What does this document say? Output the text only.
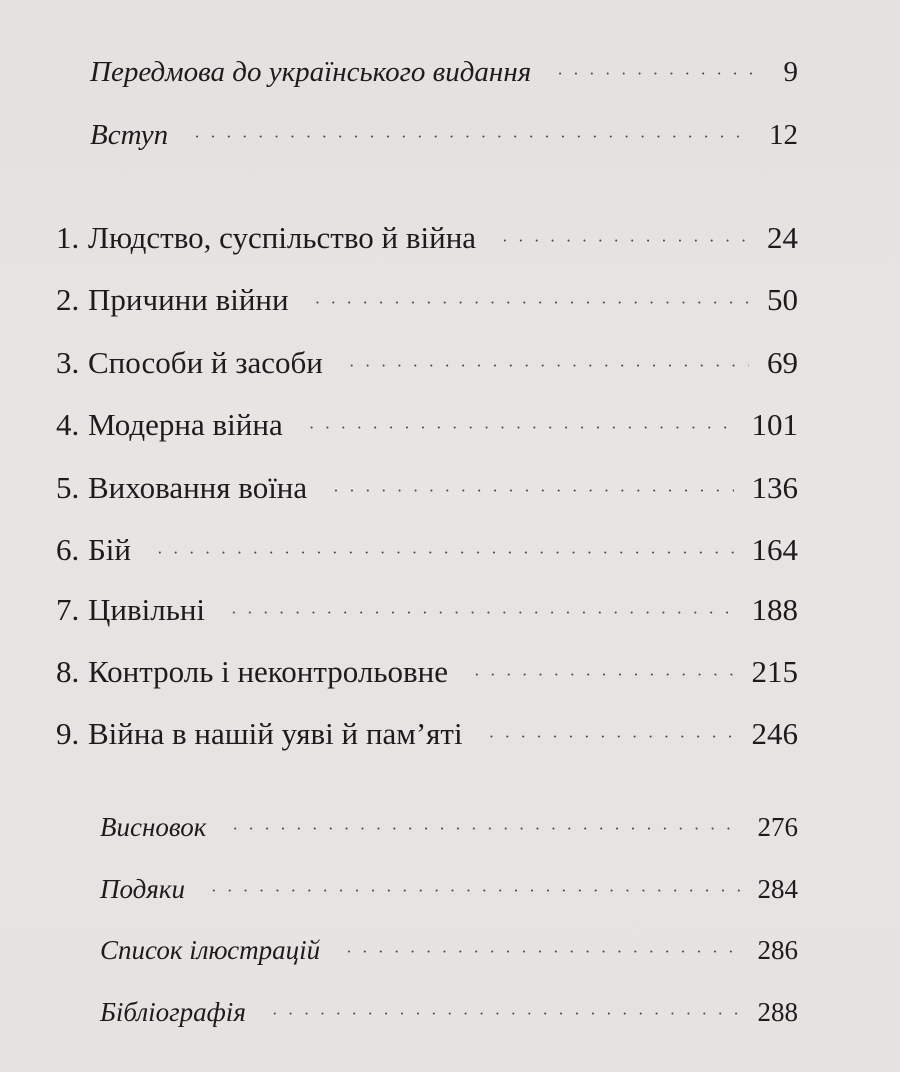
Передмова до українського видання · · ·	9
Вступ · · ·	12
1. Людство, суспільство й війна · · ·	24
2. Причини війни · · ·	50
3. Способи й засоби · · ·	69
4. Модерна війна · · ·	101
5. Виховання воїна · · ·	136
6. Бій · · ·	164
7. Цивільні · · ·	188
8. Контроль і неконтрольовне · · ·	215
9. Війна в нашій уяві й пам’яті · · ·	246
Висновок · · ·	276
Подяки · · ·	284
Список ілюстрацій · · ·	286
Бібліографія · · ·	288
